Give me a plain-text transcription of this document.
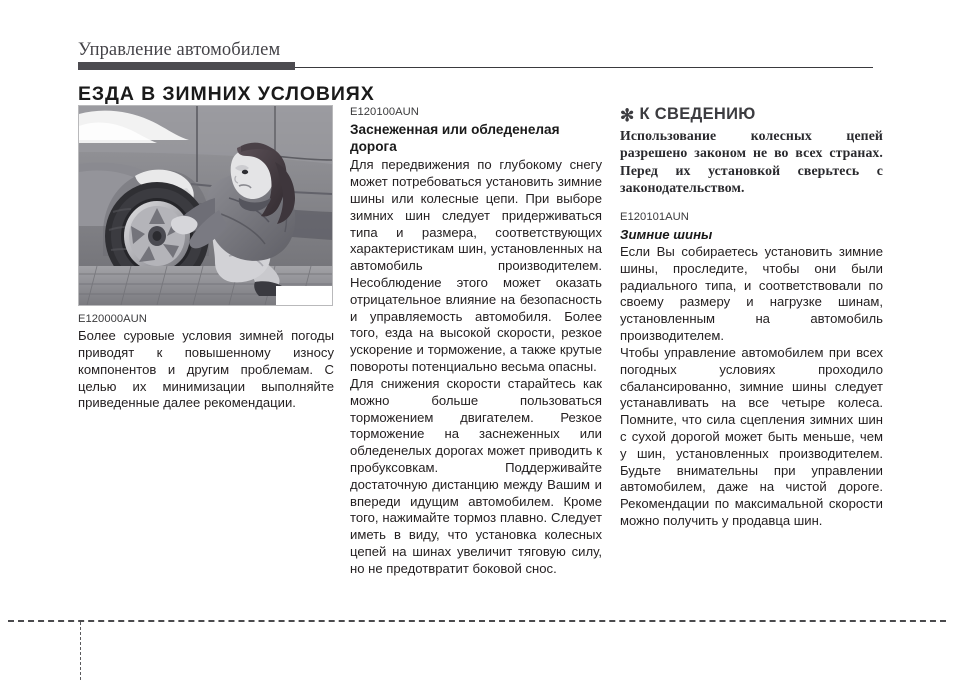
Управление автомобилем
ЕЗДА В ЗИМНИХ УСЛОВИЯХ
E120000AUN

Более суровые условия зимней погоды приводят к повышенному износу компонентов и другим проблемам. С целью их минимизации выполняйте приведенные далее рекомендации.

E120100AUN
Заснеженная или обледенелая дорога

Для передвижения по глубокому снегу может потребоваться установить зимние шины или колесные цепи. При выборе зимних шин следует придерживаться типа и размера, соответствующих характеристикам шин, установленных на автомобиль производителем. Несоблюдение этого может оказать отрицательное влияние на безопасность и управляемость автомобиля. Более того, езда на высокой скорости, резкое ускорение и торможение, а также крутые повороты потенциально весьма опасны.

Для снижения скорости старайтесь как можно больше пользоваться торможением двигателем. Резкое торможение на заснеженных или обледенелых дорогах может приводить к пробуксовкам. Поддерживайте достаточную дистанцию между Вашим и впереди идущим автомобилем. Кроме того, нажимайте тормоз плавно. Следует иметь в виду, что установка колесных цепей на шинах увеличит тяговую силу, но не предотвратит боковой снос.

✻ К СВЕДЕНИЮ

Использование колесных цепей разрешено законом не во всех странах. Перед их установкой сверьтесь с законодательством.

E120101AUN
Зимние шины

Если Вы собираетесь установить зимние шины, проследите, чтобы они были радиального типа, и соответствовали по своему размеру и нагрузке шинам, установленным на автомобиль производителем.

Чтобы управление автомобилем при всех погодных условиях проходило сбалансированно, зимние шины следует устанавливать на все четыре колеса. Помните, что сила сцепления зимних шин с сухой дорогой может быть меньше, чем у шин, установленных производителем. Будьте внимательны при управлении автомобилем, даже на чистой дороге. Рекомендации по максимальной скорости можно получить у продавца шин.
